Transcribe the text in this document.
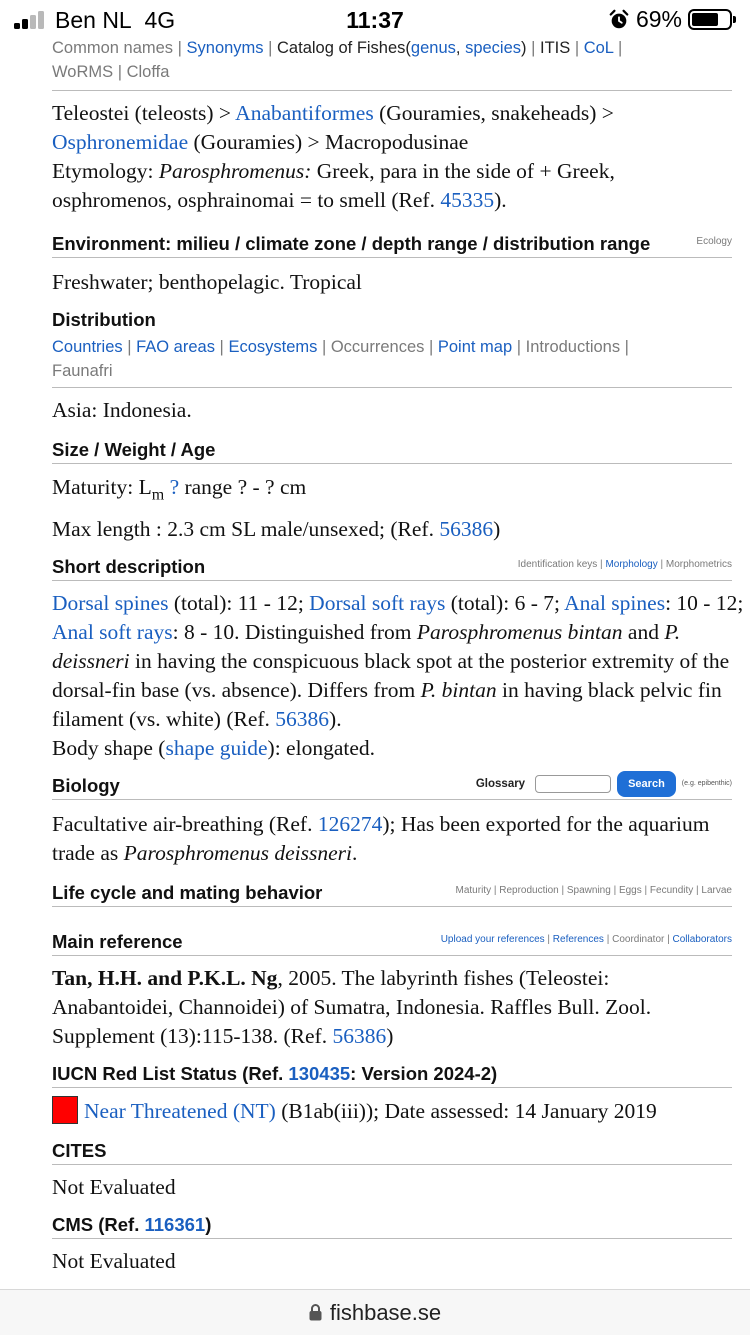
Ben NL 4G	11:37	69%
Common names | Synonyms | Catalog of Fishes(genus, species) | ITIS | CoL |
WoRMS | Cloffa
Teleostei (teleosts) > Anabantiformes (Gouramies, snakeheads) >
Osphronemidae (Gouramies) > Macropodusinae
Etymology: Parosphromenus: Greek, para in the side of + Greek, osphromenos, osphrainomai = to smell (Ref. 45335).
Environment: milieu / climate zone / depth range / distribution range	Ecology
Freshwater; benthopelagic. Tropical
Distribution
Countries | FAO areas | Ecosystems | Occurrences | Point map | Introductions |
Faunafri
Asia: Indonesia.
Size / Weight / Age
Maturity: $L_m$ ? range ? - ? cm
Max length : 2.3 cm SL male/unsexed; (Ref. 56386)
Short description	Identification keys | Morphology | Morphometrics
Dorsal spines (total): 11 - 12; Dorsal soft rays (total): 6 - 7; Anal spines: 10 - 12; Anal soft rays: 8 - 10. Distinguished from Parosphromenus bintan and P. deissneri in having the conspicuous black spot at the posterior extremity of the dorsal-fin base (vs. absence). Differs from P. bintan in having black pelvic fin filament (vs. white) (Ref. 56386).
Body shape (shape guide): elongated.
Biology	Glossary	Search	(e.g. epibenthic)
Facultative air-breathing (Ref. 126274); Has been exported for the aquarium trade as Parosphromenus deissneri.
Life cycle and mating behavior	Maturity | Reproduction | Spawning | Eggs | Fecundity | Larvae
Main reference	Upload your references | References | Coordinator | Collaborators
Tan, H.H. and P.K.L. Ng, 2005. The labyrinth fishes (Teleostei: Anabantoidei, Channoidei) of Sumatra, Indonesia. Raffles Bull. Zool. Supplement (13):115-138. (Ref. 56386)
IUCN Red List Status (Ref. 130435: Version 2024-2)
Near Threatened (NT) (B1ab(iii)); Date assessed: 14 January 2019
CITES
Not Evaluated
CMS (Ref. 116361)
Not Evaluated
fishbase.se
